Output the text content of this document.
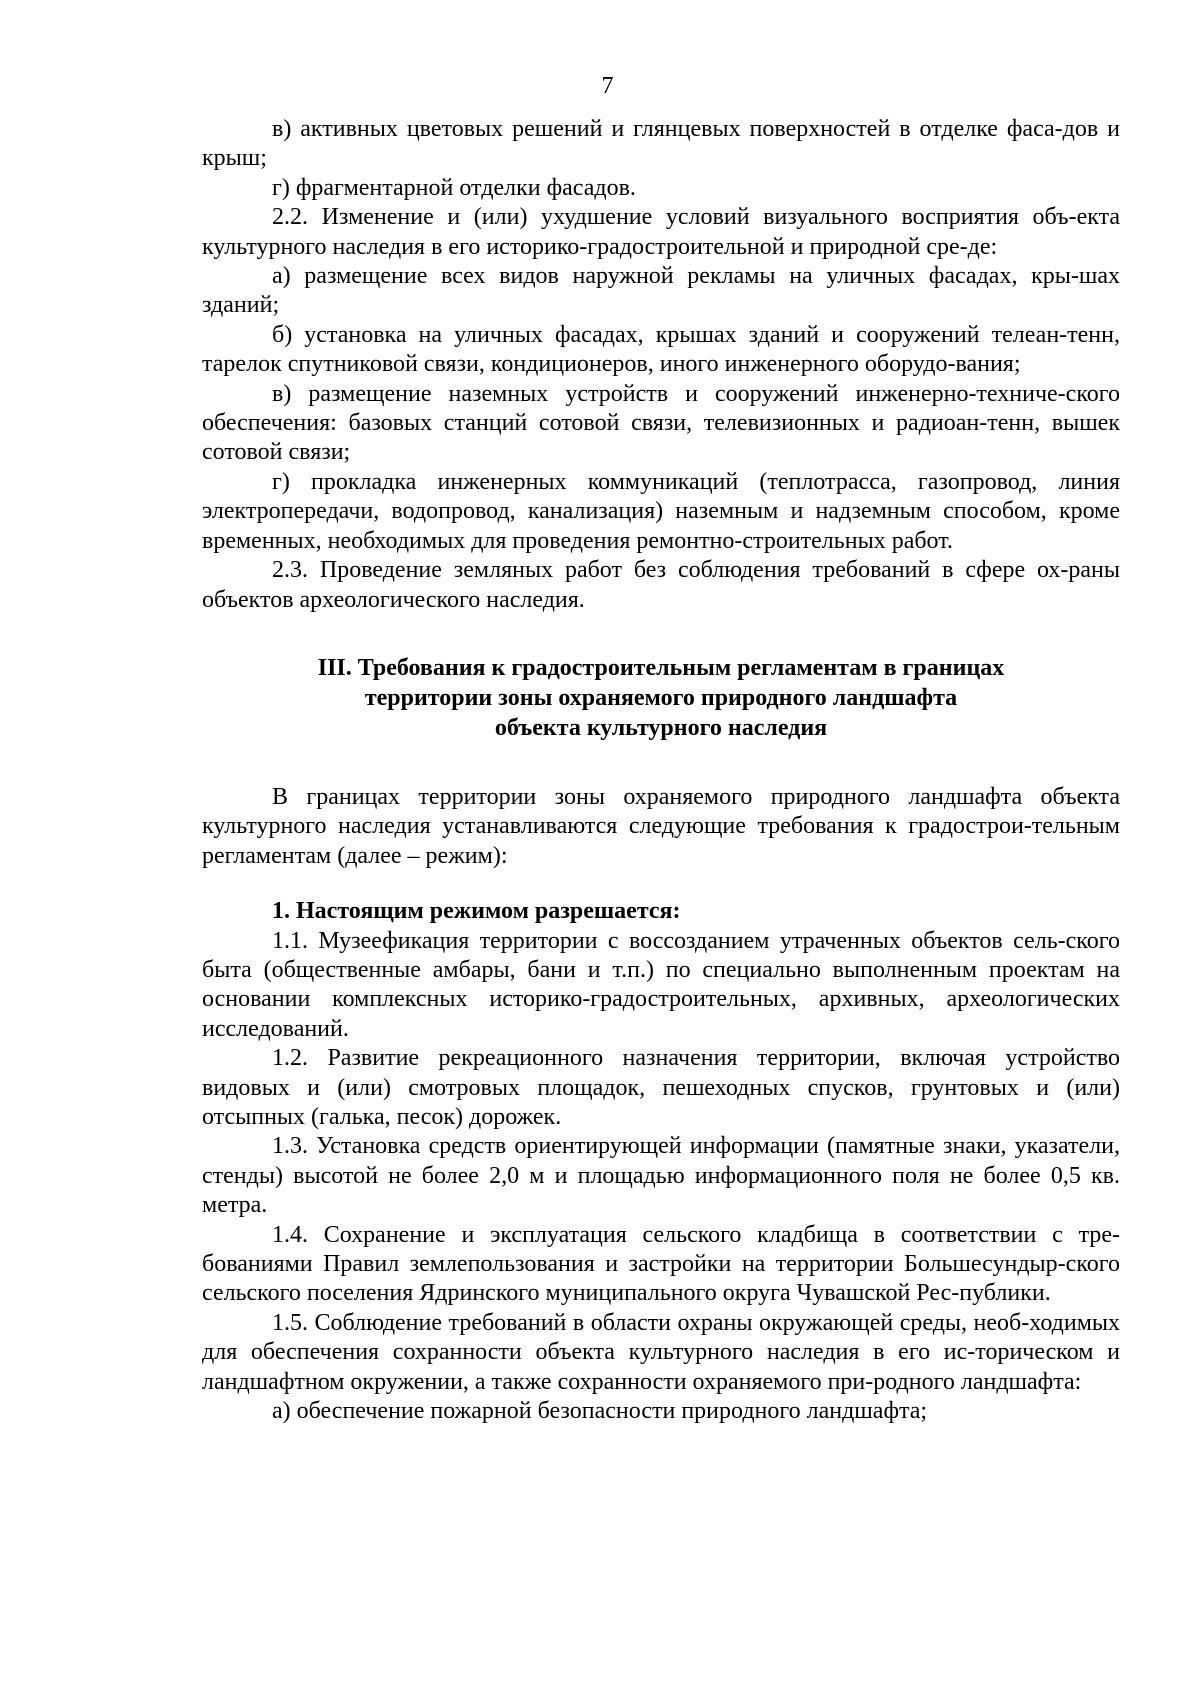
7

в) активных цветовых решений и глянцевых поверхностей в отделке фаса-дов и крыш;

г) фрагментарной отделки фасадов.

2.2. Изменение и (или) ухудшение условий визуального восприятия объ-екта культурного наследия в его историко-градостроительной и природной сре-де:

а) размещение всех видов наружной рекламы на уличных фасадах, кры-шах зданий;

б) установка на уличных фасадах, крышах зданий и сооружений телеан-тенн, тарелок спутниковой связи, кондиционеров, иного инженерного оборудо-вания;

в) размещение наземных устройств и сооружений инженерно-техниче-ского обеспечения: базовых станций сотовой связи, телевизионных и радиоан-тенн, вышек сотовой связи;

г) прокладка инженерных коммуникаций (теплотрасса, газопровод, линия электропередачи, водопровод, канализация) наземным и надземным способом, кроме временных, необходимых для проведения ремонтно-строительных работ.

2.3. Проведение земляных работ без соблюдения требований в сфере ох-раны объектов археологического наследия.

III. Требования к градостроительным регламентам в границах
территории зоны охраняемого природного ландшафта
объекта культурного наследия

В границах территории зоны охраняемого природного ландшафта объекта культурного наследия устанавливаются следующие требования к градострои-тельным регламентам (далее – режим):

1. Настоящим режимом разрешается:

1.1. Музеефикация территории с воссозданием утраченных объектов сель-ского быта (общественные амбары, бани и т.п.) по специально выполненным проектам на основании комплексных историко-градостроительных, архивных, археологических исследований.

1.2. Развитие рекреационного назначения территории, включая устройство видовых и (или) смотровых площадок, пешеходных спусков, грунтовых и (или) отсыпных (галька, песок) дорожек.

1.3. Установка средств ориентирующей информации (памятные знаки, указатели, стенды) высотой не более 2,0 м и площадью информационного поля не более 0,5 кв. метра.

1.4. Сохранение и эксплуатация сельского кладбища в соответствии с тре-бованиями Правил землепользования и застройки на территории Большесундыр-ского сельского поселения Ядринского муниципального округа Чувашской Рес-публики.

1.5. Соблюдение требований в области охраны окружающей среды, необ-ходимых для обеспечения сохранности объекта культурного наследия в его ис-торическом и ландшафтном окружении, а также сохранности охраняемого при-родного ландшафта:

а) обеспечение пожарной безопасности природного ландшафта;
